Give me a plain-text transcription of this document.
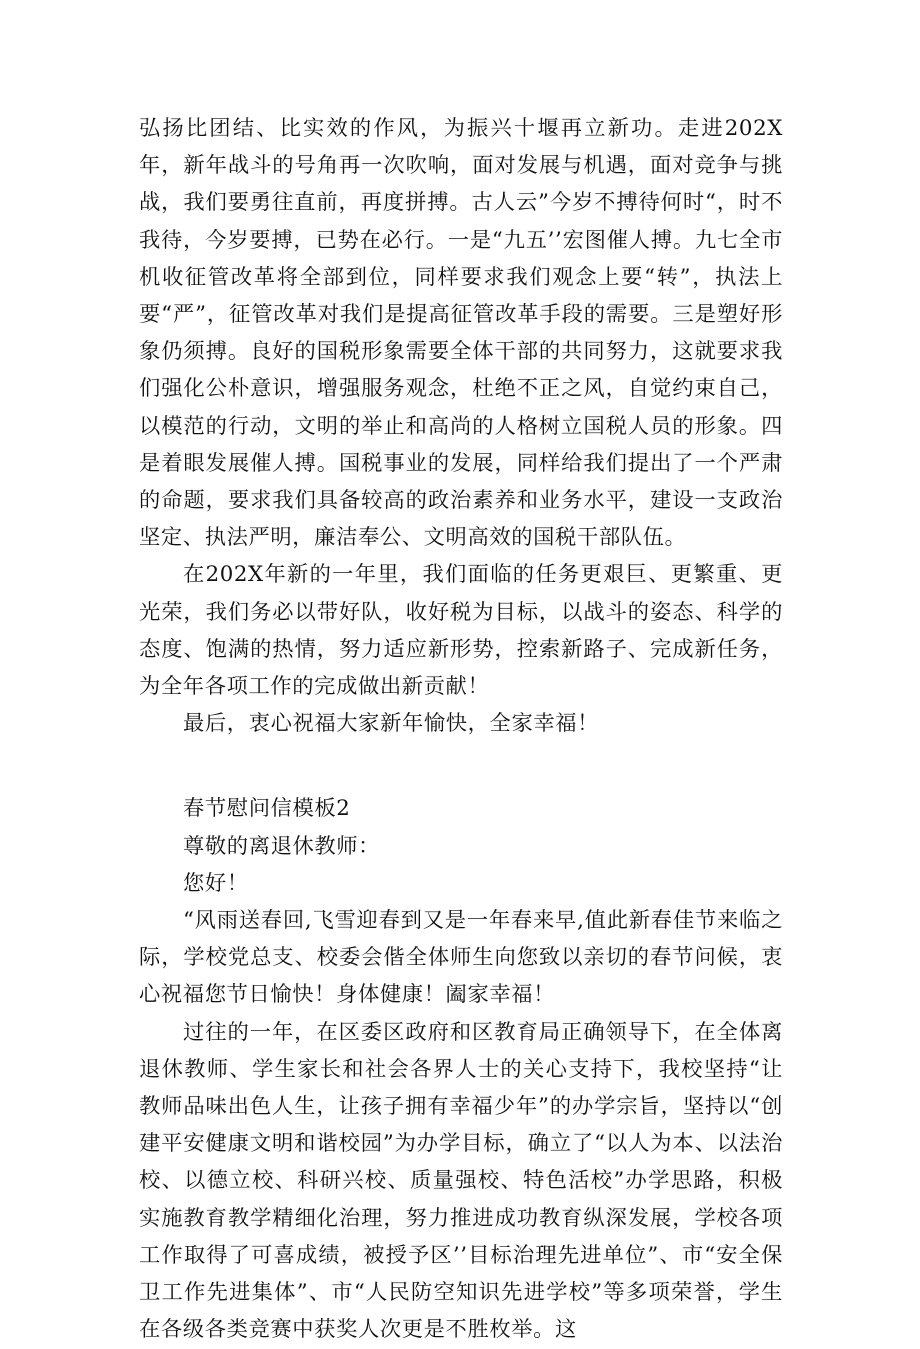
弘扬比团结、比实效的作风，为振兴十堰再立新功。走进202X年，新年战斗的号角再一次吹响，面对发展与机遇，面对竞争与挑战，我们要勇往直前，再度拼搏。古人云”今岁不搏待何时“，时不我待，今岁要搏，已势在必行。一是“九五’’宏图催人搏。九七全市机收征管改革将全部到位，同样要求我们观念上要“转”，执法上要“严”，征管改革对我们是提高征管改革手段的需要。三是塑好形象仍须搏。良好的国税形象需要全体干部的共同努力，这就要求我们强化公朴意识，增强服务观念，杜绝不正之风，自觉约束自己，以模范的行动，文明的举止和高尚的人格树立国税人员的形象。四是着眼发展催人搏。国税事业的发展，同样给我们提出了一个严肃的命题，要求我们具备较高的政治素养和业务水平，建设一支政治坚定、执法严明，廉洁奉公、文明高效的国税干部队伍。

在202X年新的一年里，我们面临的任务更艰巨、更繁重、更光荣，我们务必以带好队，收好税为目标，以战斗的姿态、科学的态度、饱满的热情，努力适应新形势，控索新路子、完成新任务，为全年各项工作的完成做出新贡献！

最后，衷心祝福大家新年愉快，全家幸福！

春节慰问信模板2

尊敬的离退休教师：

您好！

“风雨送春回,飞雪迎春到又是一年春来早,值此新春佳节来临之际，学校党总支、校委会偕全体师生向您致以亲切的春节问候，衷心祝福您节日愉快！身体健康！阖家幸福！

过往的一年，在区委区政府和区教育局正确领导下，在全体离退休教师、学生家长和社会各界人士的关心支持下，我校坚持“让教师品味出色人生，让孩子拥有幸福少年”的办学宗旨，坚持以“创建平安健康文明和谐校园”为办学目标，确立了“以人为本、以法治校、以德立校、科研兴校、质量强校、特色活校”办学思路，积极实施教育教学精细化治理，努力推进成功教育纵深发展，学校各项工作取得了可喜成绩，被授予区’’目标治理先进单位”、市“安全保卫工作先进集体”、市“人民防空知识先进学校”等多项荣誉，学生在各级各类竞赛中获奖人次更是不胜枚举。这
